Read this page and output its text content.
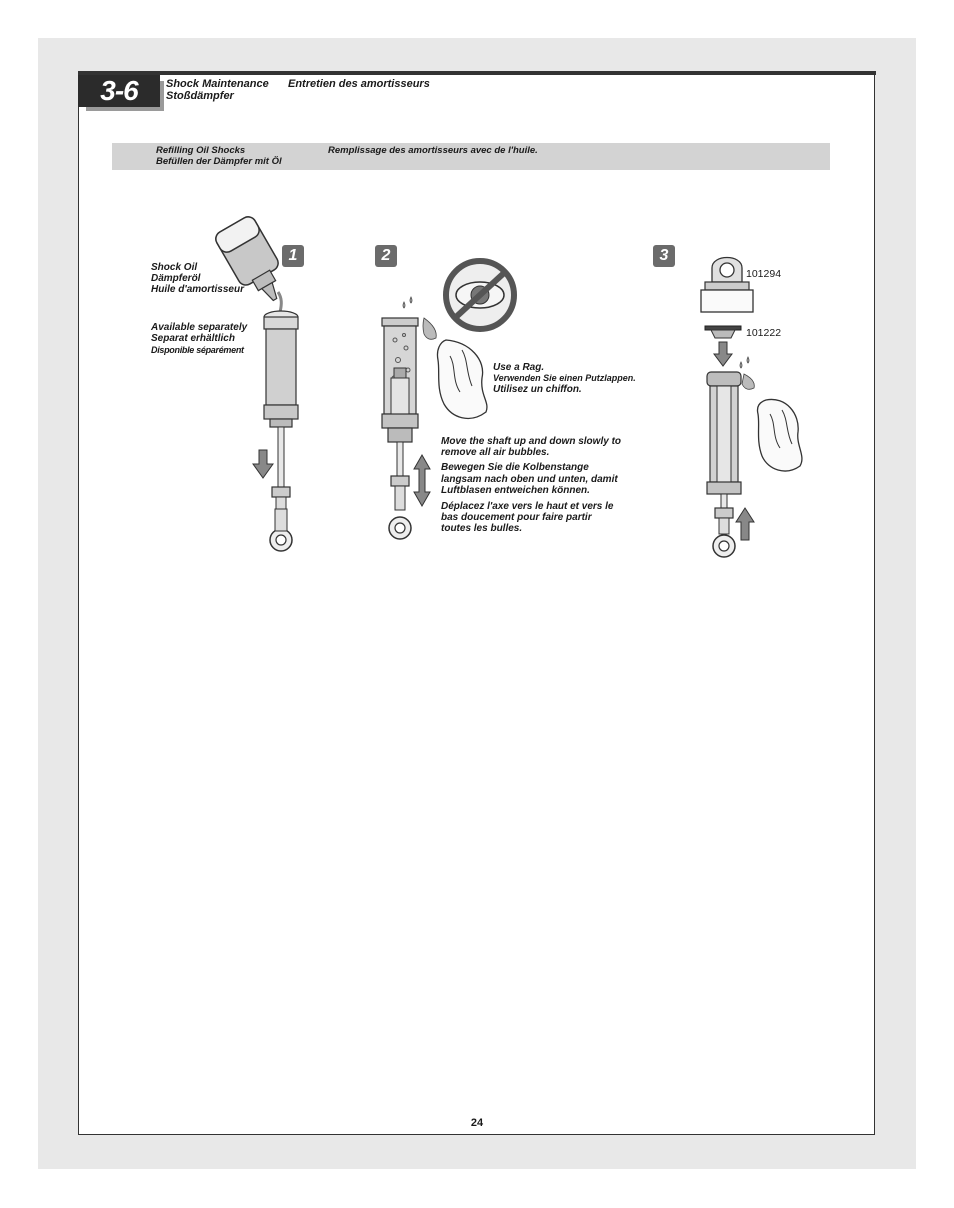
3-6	Shock Maintenance Entretien des amortisseurs
Stoßdämpfer
Refilling Oil Shocks
Befüllen der Dämpfer mit Öl
Remplissage des amortisseurs avec de l'huile.
1	2	3
Shock Oil
Dämpferöl
Huile d'amortisseur
Available separately
Separat erhältlich
Disponible séparément
Use a Rag.
Verwenden Sie einen Putzlappen.
Utilisez un chiffon.
Move the shaft up and down slowly to
remove all air bubbles.
Bewegen Sie die Kolbenstange
langsam nach oben und unten, damit
Luftblasen entweichen können.
Déplacez l'axe vers le haut et vers le
bas doucement pour faire partir
toutes les bulles.
101294
101222
24
